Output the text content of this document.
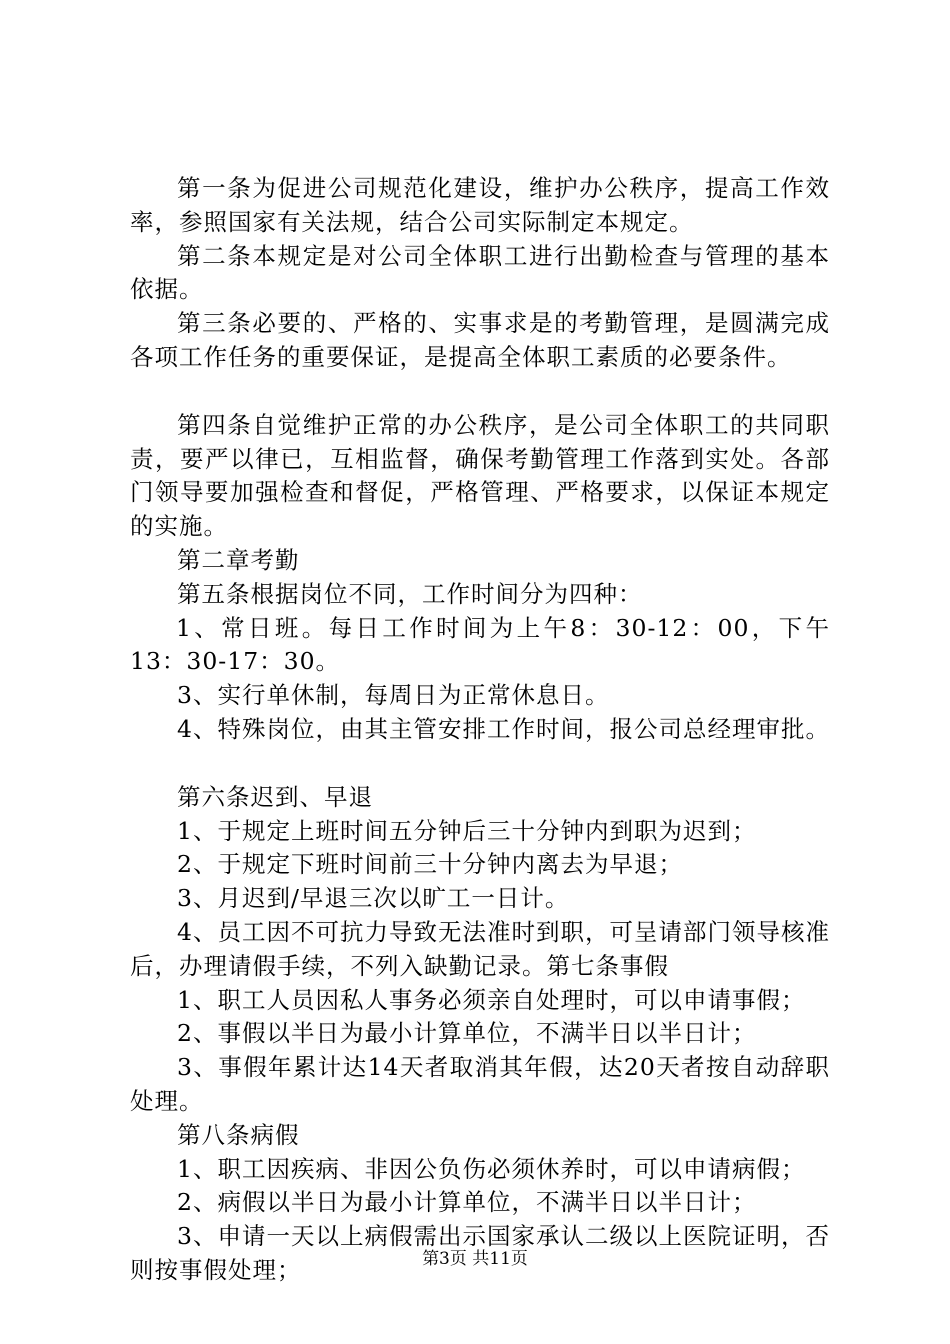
第一条为促进公司规范化建设，维护办公秩序，提高工作效率，参照国家有关法规，结合公司实际制定本规定。

第二条本规定是对公司全体职工进行出勤检查与管理的基本依据。

第三条必要的、严格的、实事求是的考勤管理，是圆满完成各项工作任务的重要保证，是提高全体职工素质的必要条件。

第四条自觉维护正常的办公秩序，是公司全体职工的共同职责，要严以律已，互相监督，确保考勤管理工作落到实处。各部门领导要加强检查和督促，严格管理、严格要求，以保证本规定的实施。

第二章考勤

第五条根据岗位不同，工作时间分为四种：

1、常日班。每日工作时间为上午8：30-12：00，下午13：30-17：30。

3、实行单休制，每周日为正常休息日。

4、特殊岗位，由其主管安排工作时间，报公司总经理审批。

第六条迟到、早退

1、于规定上班时间五分钟后三十分钟内到职为迟到；

2、于规定下班时间前三十分钟内离去为早退；

3、月迟到/早退三次以旷工一日计。

4、员工因不可抗力导致无法准时到职，可呈请部门领导核准后，办理请假手续，不列入缺勤记录。第七条事假

1、职工人员因私人事务必须亲自处理时，可以申请事假；

2、事假以半日为最小计算单位，不满半日以半日计；

3、事假年累计达14天者取消其年假，达20天者按自动辞职处理。

第八条病假

1、职工因疾病、非因公负伤必须休养时，可以申请病假；

2、病假以半日为最小计算单位，不满半日以半日计；

3、申请一天以上病假需出示国家承认二级以上医院证明，否则按事假处理；	第3页 共11页
